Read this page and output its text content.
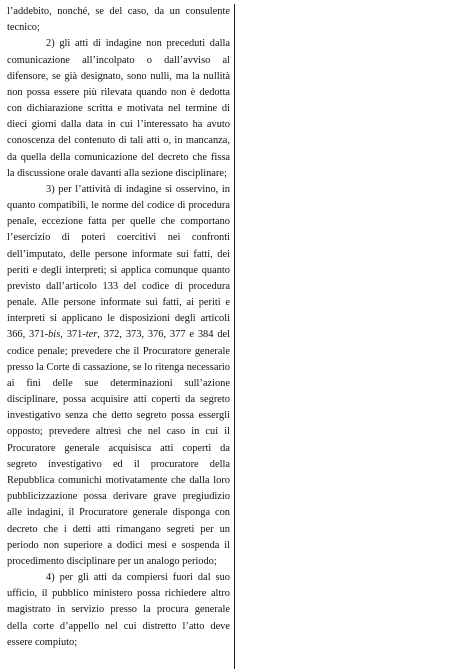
l’addebito, nonché, se del caso, da un consulente tecnico;

2) gli atti di indagine non preceduti dalla comunicazione all’incolpato o dall’avviso al difensore, se già designato, sono nulli, ma la nullità non possa essere più rilevata quando non è dedotta con dichiarazione scritta e motivata nel termine di dieci giorni dalla data in cui l’interessato ha avuto conoscenza del contenuto di tali atti o, in mancanza, da quella della comunicazione del decreto che fissa la discussione orale davanti alla sezione disciplinare;

3) per l’attività di indagine si osservino, in quanto compatibili, le norme del codice di procedura penale, eccezione fatta per quelle che comportano l’esercizio di poteri coercitivi nei confronti dell’imputato, delle persone informate sui fatti, dei periti e degli interpreti; si applica comunque quanto previsto dall’articolo 133 del codice di procedura penale. Alle persone informate sui fatti, ai periti e interpreti si applicano le disposizioni degli articoli 366, 371-bis, 371-ter, 372, 373, 376, 377 e 384 del codice penale; prevedere che il Procuratore generale presso la Corte di cassazione, se lo ritenga necessario ai fini delle sue determinazioni sull’azione disciplinare, possa acquisire atti coperti da segreto investigativo senza che detto segreto possa essergli opposto; prevedere altresì che nel caso in cui il Procuratore generale acquisisca atti coperti da segreto investigativo ed il procuratore della Repubblica comunichi motivatamente che dalla loro pubblicizzazione possa derivare grave pregiudizio alle indagini, il Procuratore generale disponga con decreto che i detti atti rimangano segreti per un periodo non superiore a dodici mesi e sospenda il procedimento disciplinare per un analogo periodo;

4) per gli atti da compiersi fuori dal suo ufficio, il pubblico ministero possa richiedere altro magistrato in servizio presso la procura generale della corte d’appello nel cui distretto l’atto deve essere compiuto;
